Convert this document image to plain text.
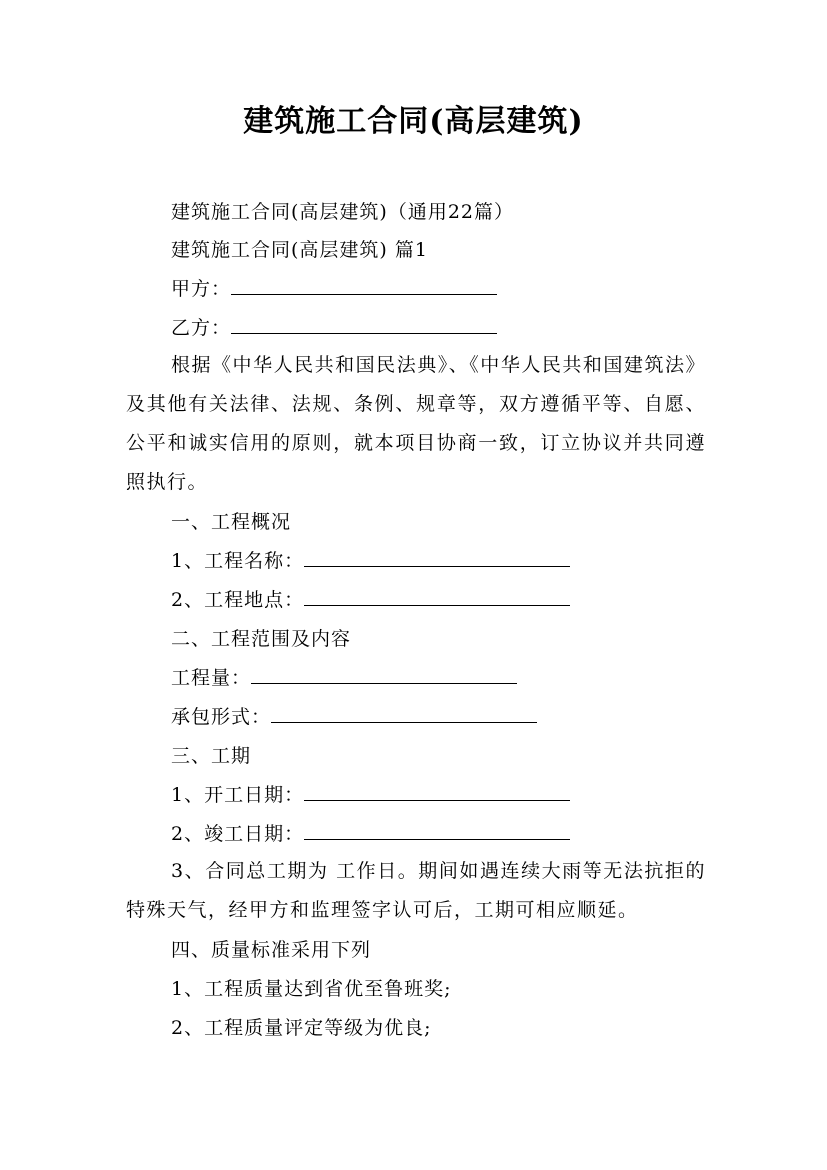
建筑施工合同(高层建筑)
建筑施工合同(高层建筑)（通用22篇）
建筑施工合同(高层建筑) 篇1
甲方：
乙方：
根据《中华人民共和国民法典》、《中华人民共和国建筑法》及其他有关法律、法规、条例、规章等，双方遵循平等、自愿、公平和诚实信用的原则，就本项目协商一致，订立协议并共同遵照执行。
一、工程概况
1、工程名称：
2、工程地点：
二、工程范围及内容
工程量：
承包形式：
三、工期
1、开工日期：
2、竣工日期：
3、合同总工期为 工作日。期间如遇连续大雨等无法抗拒的特殊天气，经甲方和监理签字认可后，工期可相应顺延。
四、质量标准采用下列
1、工程质量达到省优至鲁班奖;
2、工程质量评定等级为优良;
